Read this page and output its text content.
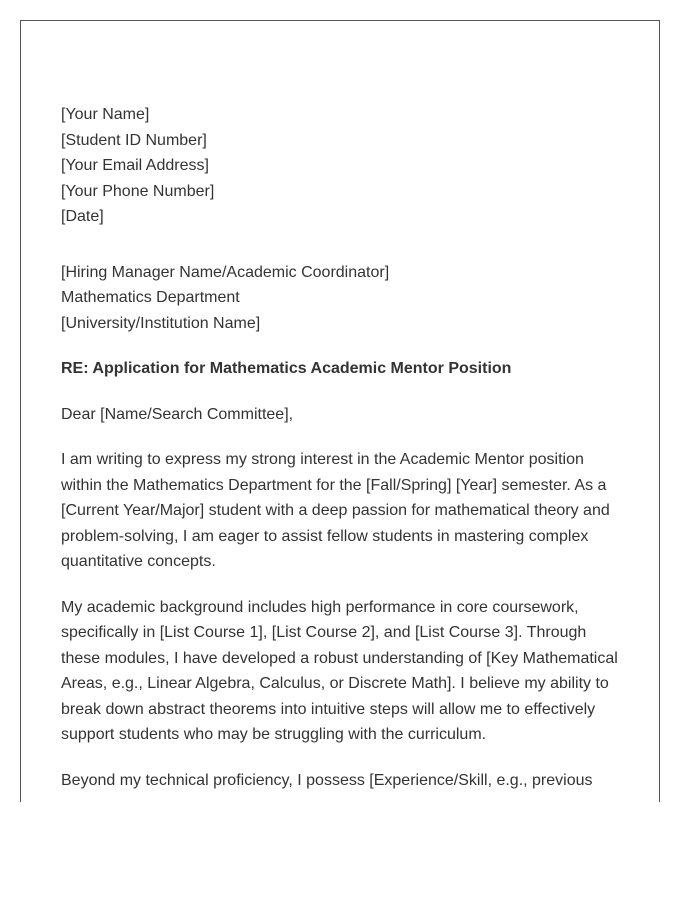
[Your Name]
[Student ID Number]
[Your Email Address]
[Your Phone Number]
[Date]
[Hiring Manager Name/Academic Coordinator]
Mathematics Department
[University/Institution Name]
RE: Application for Mathematics Academic Mentor Position
Dear [Name/Search Committee],

I am writing to express my strong interest in the Academic Mentor position within the Mathematics Department for the [Fall/Spring] [Year] semester. As a [Current Year/Major] student with a deep passion for mathematical theory and problem-solving, I am eager to assist fellow students in mastering complex quantitative concepts.

My academic background includes high performance in core coursework, specifically in [List Course 1], [List Course 2], and [List Course 3]. Through these modules, I have developed a robust understanding of [Key Mathematical Areas, e.g., Linear Algebra, Calculus, or Discrete Math]. I believe my ability to break down abstract theorems into intuitive steps will allow me to effectively support students who may be struggling with the curriculum.

Beyond my technical proficiency, I possess [Experience/Skill, e.g., previous
